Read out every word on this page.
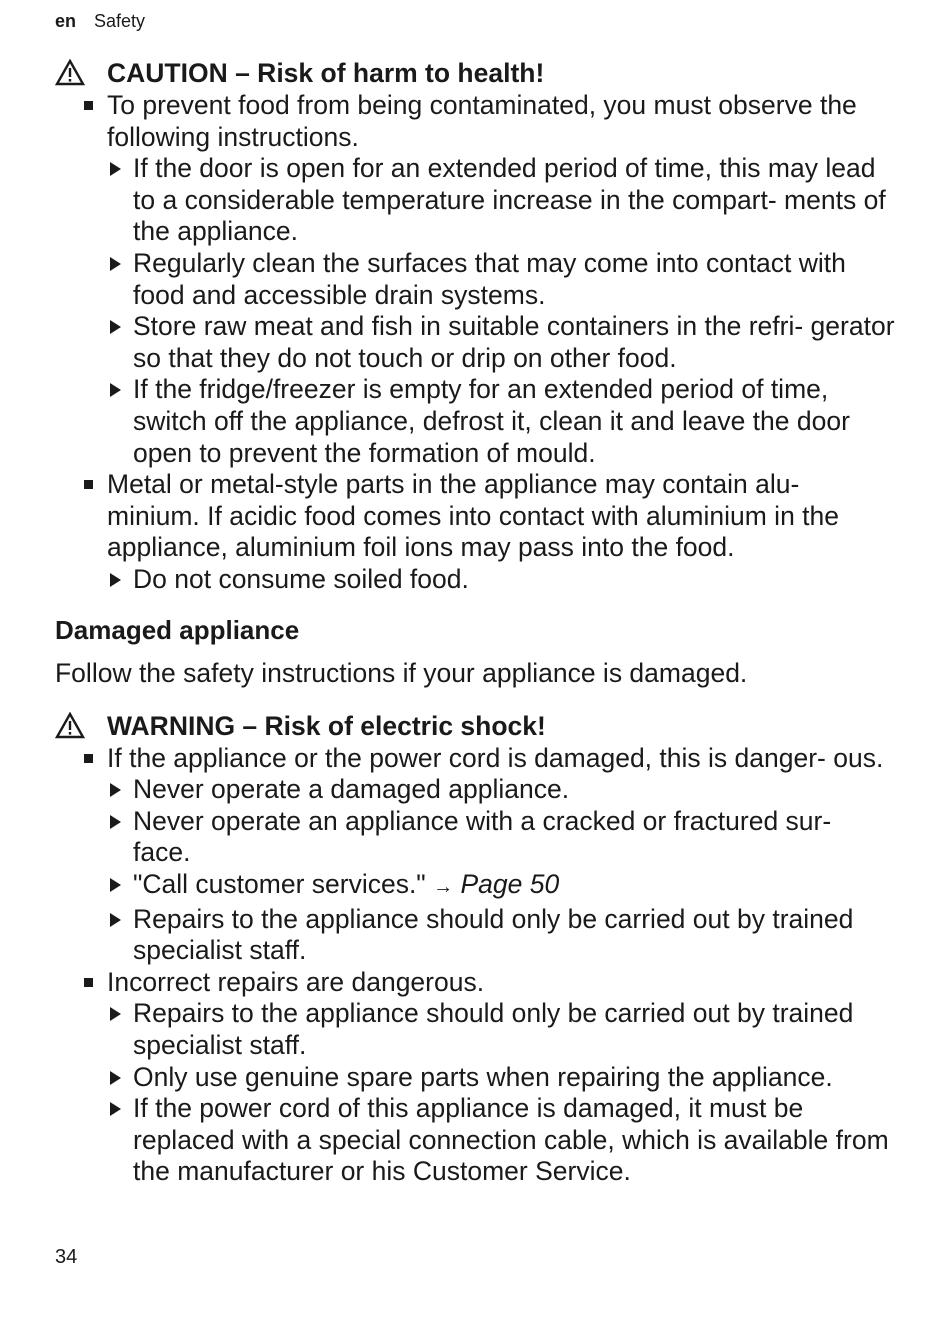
en Safety
CAUTION – Risk of harm to health!
To prevent food from being contaminated, you must observe the following instructions.
If the door is open for an extended period of time, this may lead to a considerable temperature increase in the compart- ments of the appliance.
Regularly clean the surfaces that may come into contact with food and accessible drain systems.
Store raw meat and fish in suitable containers in the refri- gerator so that they do not touch or drip on other food.
If the fridge/freezer is empty for an extended period of time, switch off the appliance, defrost it, clean it and leave the door open to prevent the formation of mould.
Metal or metal-style parts in the appliance may contain alu- minium. If acidic food comes into contact with aluminium in the appliance, aluminium foil ions may pass into the food.
Do not consume soiled food.
Damaged appliance

Follow the safety instructions if your appliance is damaged.

WARNING – Risk of electric shock!
If the appliance or the power cord is damaged, this is danger- ous.
Never operate a damaged appliance.
Never operate an appliance with a cracked or fractured sur- face.
"Call customer services." → Page 50
Repairs to the appliance should only be carried out by trained specialist staff.
Incorrect repairs are dangerous.
Repairs to the appliance should only be carried out by trained specialist staff.
Only use genuine spare parts when repairing the appliance.
If the power cord of this appliance is damaged, it must be replaced with a special connection cable, which is available from the manufacturer or his Customer Service.
34
